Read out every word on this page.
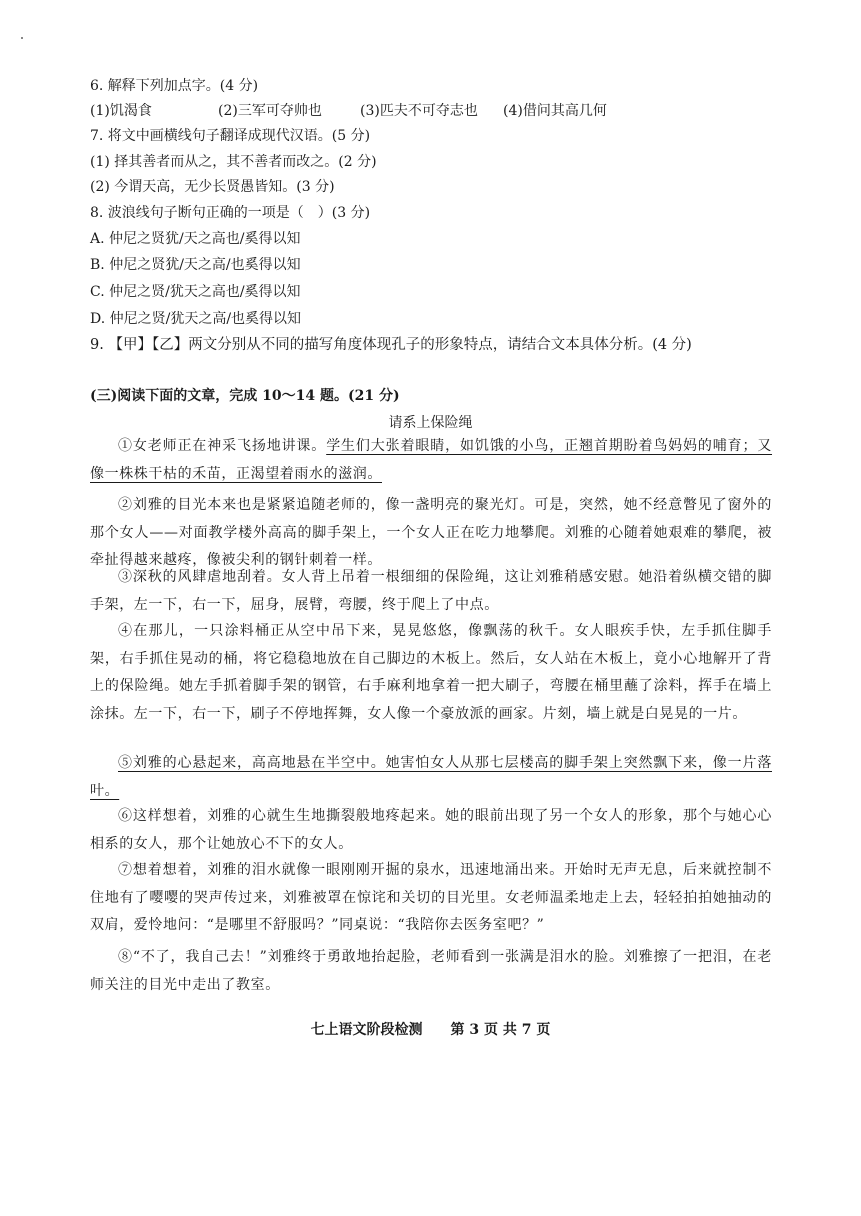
6. 解释下列加点字。(4 分)
(1)饥渴食	(2)三军可夺帅也	(3)匹夫不可夺志也 (4)借问其高几何
7. 将文中画横线句子翻译成现代汉语。(5 分)
(1) 择其善者而从之，其不善者而改之。(2 分)
(2) 今谓天高，无少长贤愚皆知。(3 分)
8. 波浪线句子断句正确的一项是（　）(3 分)
A. 仲尼之贤犹/天之高也/奚得以知
B. 仲尼之贤犹/天之高/也奚得以知
C. 仲尼之贤/犹天之高也/奚得以知
D. 仲尼之贤/犹天之高/也奚得以知
9. 【甲】【乙】两文分别从不同的描写角度体现孔子的形象特点，请结合文本具体分析。(4 分)
(三)阅读下面的文章，完成 10～14 题。(21 分)
请系上保险绳
①女老师正在神采飞扬地讲课。学生们大张着眼睛，如饥饿的小鸟，正翘首期盼着鸟妈妈的哺育；又像一株株干枯的禾苗，正渴望着雨水的滋润。
②刘雅的目光本来也是紧紧追随老师的，像一盏明亮的聚光灯。可是，突然，她不经意瞥见了窗外的那个女人——对面教学楼外高高的脚手架上，一个女人正在吃力地攀爬。刘雅的心随着她艰难的攀爬，被牵扯得越来越疼，像被尖利的钢针刺着一样。
③深秋的风肆虐地刮着。女人背上吊着一根细细的保险绳，这让刘雅稍感安慰。她沿着纵横交错的脚手架，左一下，右一下，屈身，展臂，弯腰，终于爬上了中点。
④在那儿，一只涂料桶正从空中吊下来，晃晃悠悠，像飘荡的秋千。女人眼疾手快，左手抓住脚手架，右手抓住晃动的桶，将它稳稳地放在自己脚边的木板上。然后，女人站在木板上，竟小心地解开了背上的保险绳。她左手抓着脚手架的钢管，右手麻利地拿着一把大刷子，弯腰在桶里蘸了涂料，挥手在墙上涂抹。左一下，右一下，刷子不停地挥舞，女人像一个豪放派的画家。片刻，墙上就是白晃晃的一片。
⑤刘雅的心悬起来，高高地悬在半空中。她害怕女人从那七层楼高的脚手架上突然飘下来，像一片落叶。
⑥这样想着，刘雅的心就生生地撕裂般地疼起来。她的眼前出现了另一个女人的形象，那个与她心心相系的女人，那个让她放心不下的女人。
⑦想着想着，刘雅的泪水就像一眼刚刚开掘的泉水，迅速地涌出来。开始时无声无息，后来就控制不住地有了嘤嘤的哭声传过来，刘雅被罩在惊诧和关切的目光里。女老师温柔地走上去，轻轻拍拍她抽动的双肩，爱怜地问：“是哪里不舒服吗？”同桌说：“我陪你去医务室吧？”
⑧“不了，我自己去！”刘雅终于勇敢地抬起脸，老师看到一张满是泪水的脸。刘雅擦了一把泪，在老师关注的目光中走出了教室。
七上语文阶段检测　　第 3 页 共 7 页
